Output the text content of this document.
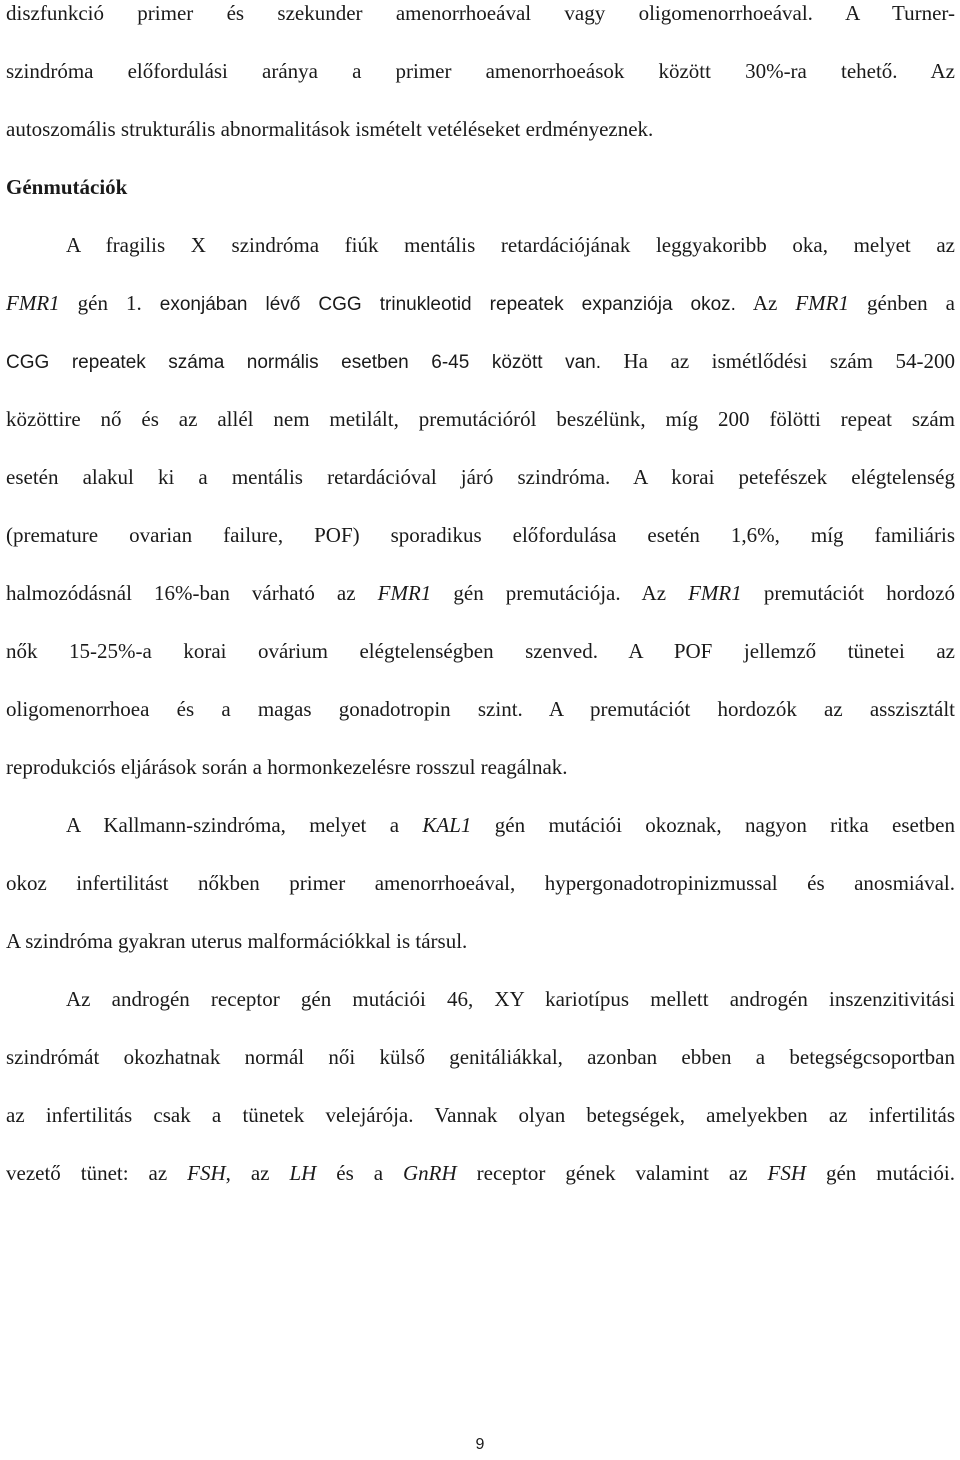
diszfunkció primer és szekunder amenorrhoeával vagy oligomenorrhoeával. A Turner-
szindróma előfordulási aránya a primer amenorrhoeások között 30%-ra tehető. Az
autoszomális strukturális abnormalitások ismételt vetéléseket erdményeznek.
Génmutációk
A fragilis X szindróma fiúk mentális retardációjának leggyakoribb oka, melyet az
FMR1 gén 1. exonjában lévő CGG trinukleotid repeatek expanziója okoz. Az FMR1 génben a
CGG repeatek száma normális esetben 6-45 között van. Ha az ismétlődési szám 54-200
közöttire nő és az allél nem metilált, premutációról beszélünk, míg 200 fölötti repeat szám
esetén alakul ki a mentális retardációval járó szindróma. A korai petefészek elégtelenség
(premature ovarian failure, POF) sporadikus előfordulása esetén 1,6%, míg familiáris
halmozódásnál 16%-ban várható az FMR1 gén premutációja. Az FMR1 premutációt hordozó
nők 15-25%-a korai ovárium elégtelenségben szenved. A POF jellemző tünetei az
oligomenorrhoea és a magas gonadotropin szint. A premutációt hordozók az asszisztált
reprodukciós eljárások során a hormonkezelésre rosszul reagálnak.
A Kallmann-szindróma, melyet a KAL1 gén mutációi okoznak, nagyon ritka esetben
okoz infertilitást nőkben primer amenorrhoeával, hypergonadotropinizmussal és anosmiával.
A szindróma gyakran uterus malformációkkal is társul.
Az androgén receptor gén mutációi 46, XY kariotípus mellett androgén inszenzitivitási
szindrómát okozhatnak normál női külső genitáliákkal, azonban ebben a betegségcsoportban
az infertilitás csak a tünetek velejárója. Vannak olyan betegségek, amelyekben az infertilitás
vezető tünet: az FSH, az LH és a GnRH receptor gének valamint az FSH gén mutációi.
9
